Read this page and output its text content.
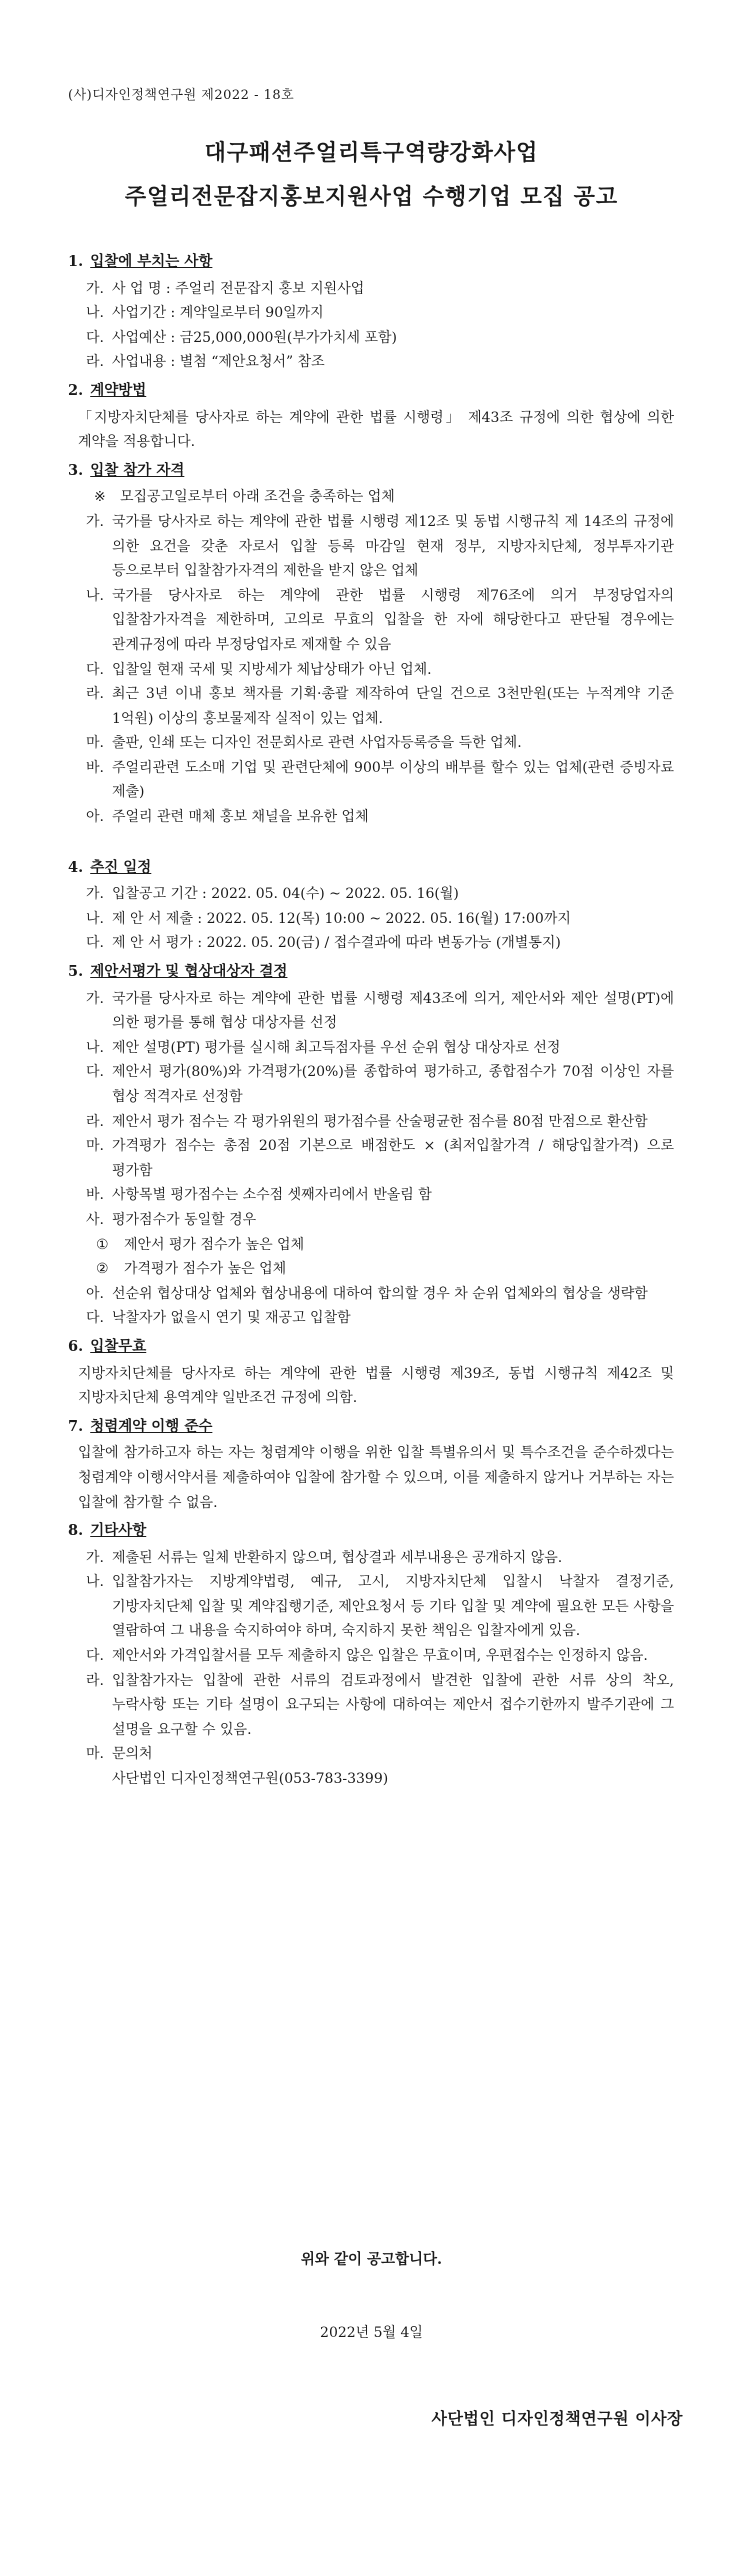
(사)디자인정책연구원 제2022 - 18호
대구패션주얼리특구역량강화사업
주얼리전문잡지홍보지원사업 수행기업 모집 공고
1. 입찰에 부치는 사항
가. 사 업 명 : 주얼리 전문잡지 홍보 지원사업
나. 사업기간 : 계약일로부터 90일까지
다. 사업예산 : 금25,000,000원(부가가치세 포함)
라. 사업내용 : 별첨 “제안요청서” 참조
2. 계약방법
「지방자치단체를 당사자로 하는 계약에 관한 법률 시행령」 제43조 규정에 의한 협상에 의한 계약을 적용합니다.
3. 입찰 참가 자격
※	모집공고일로부터 아래 조건을 충족하는 업체
가. 국가를 당사자로 하는 계약에 관한 법률 시행령 제12조 및 동법 시행규칙 제 14조의 규정에 의한 요건을 갖춘 자로서 입찰 등록 마감일 현재 정부, 지방자치단체, 정부투자기관 등으로부터 입찰참가자격의 제한을 받지 않은 업체
나. 국가를 당사자로 하는 계약에 관한 법률 시행령 제76조에 의거 부정당업자의 입찰참가자격을 제한하며, 고의로 무효의 입찰을 한 자에 해당한다고 판단될 경우에는 관계규정에 따라 부정당업자로 제재할 수 있음
다. 입찰일 현재 국세 및 지방세가 체납상태가 아닌 업체.
라. 최근 3년 이내 홍보 책자를 기획·총괄 제작하여 단일 건으로 3천만원(또는 누적계약 기준 1억원) 이상의 홍보물제작 실적이 있는 업체.
마. 출판, 인쇄 또는 디자인 전문회사로 관련 사업자등록증을 득한 업체.
바. 주얼리관련 도소매 기업 및 관련단체에 900부 이상의 배부를 할수 있는 업체(관련 증빙자료 제출)
아. 주얼리 관련 매체 홍보 채널을 보유한 업체
4. 추진 일정
가. 입찰공고 기간 : 2022. 05. 04(수) ~ 2022. 05. 16(월)
나. 제 안 서 제출 : 2022. 05. 12(목) 10:00 ~ 2022. 05. 16(월) 17:00까지
다. 제 안 서 평가 : 2022. 05. 20(금) / 접수결과에 따라 변동가능 (개별통지)
5. 제안서평가 및 협상대상자 결정
가. 국가를 당사자로 하는 계약에 관한 법률 시행령 제43조에 의거, 제안서와 제안 설명(PT)에 의한 평가를 통해 협상 대상자를 선정
나. 제안 설명(PT) 평가를 실시해 최고득점자를 우선 순위 협상 대상자로 선정
다. 제안서 평가(80%)와 가격평가(20%)를 종합하여 평가하고, 종합점수가 70점 이상인 자를 협상 적격자로 선정함
라. 제안서 평가 점수는 각 평가위원의 평가점수를 산술평균한 점수를 80점 만점으로 환산함
마. 가격평가 점수는 총점 20점 기본으로 배점한도 × (최저입찰가격 / 해당입찰가격) 으로 평가함
바. 사항목별 평가점수는 소수점 셋째자리에서 반올림 함
사. 평가점수가 동일할 경우
①	제안서 평가 점수가 높은 업체
②	가격평가 점수가 높은 업체
아. 선순위 협상대상 업체와 협상내용에 대하여 합의할 경우 차 순위 업체와의 협상을 생략함
다. 낙찰자가 없을시 연기 및 재공고 입찰함
6. 입찰무효
지방자치단체를 당사자로 하는 계약에 관한 법률 시행령 제39조, 동법 시행규칙 제42조 및 지방자치단체 용역계약 일반조건 규정에 의함.
7. 청렴계약 이행 준수
입찰에 참가하고자 하는 자는 청렴계약 이행을 위한 입찰 특별유의서 및 특수조건을 준수하겠다는 청렴계약 이행서약서를 제출하여야 입찰에 참가할 수 있으며, 이를 제출하지 않거나 거부하는 자는 입찰에 참가할 수 없음.
8. 기타사항
가. 제출된 서류는 일체 반환하지 않으며, 협상결과 세부내용은 공개하지 않음.
나. 입찰참가자는 지방계약법령, 예규, 고시, 지방자치단체 입찰시 낙찰자 결정기준, 기방자치단체 입찰 및 계약집행기준, 제안요청서 등 기타 입찰 및 계약에 필요한 모든 사항을 열람하여 그 내용을 숙지하여야 하며, 숙지하지 못한 책임은 입찰자에게 있음.
다. 제안서와 가격입찰서를 모두 제출하지 않은 입찰은 무효이며, 우편접수는 인정하지 않음.
라. 입찰참가자는 입찰에 관한 서류의 검토과정에서 발견한 입찰에 관한 서류 상의 착오, 누락사항 또는 기타 설명이 요구되는 사항에 대하여는 제안서 접수기한까지 발주기관에 그 설명을 요구할 수 있음.
마. 문의처
사단법인 디자인정책연구원(053-783-3399)
위와 같이 공고합니다.
2022년 5월 4일
사단법인 디자인정책연구원 이사장
